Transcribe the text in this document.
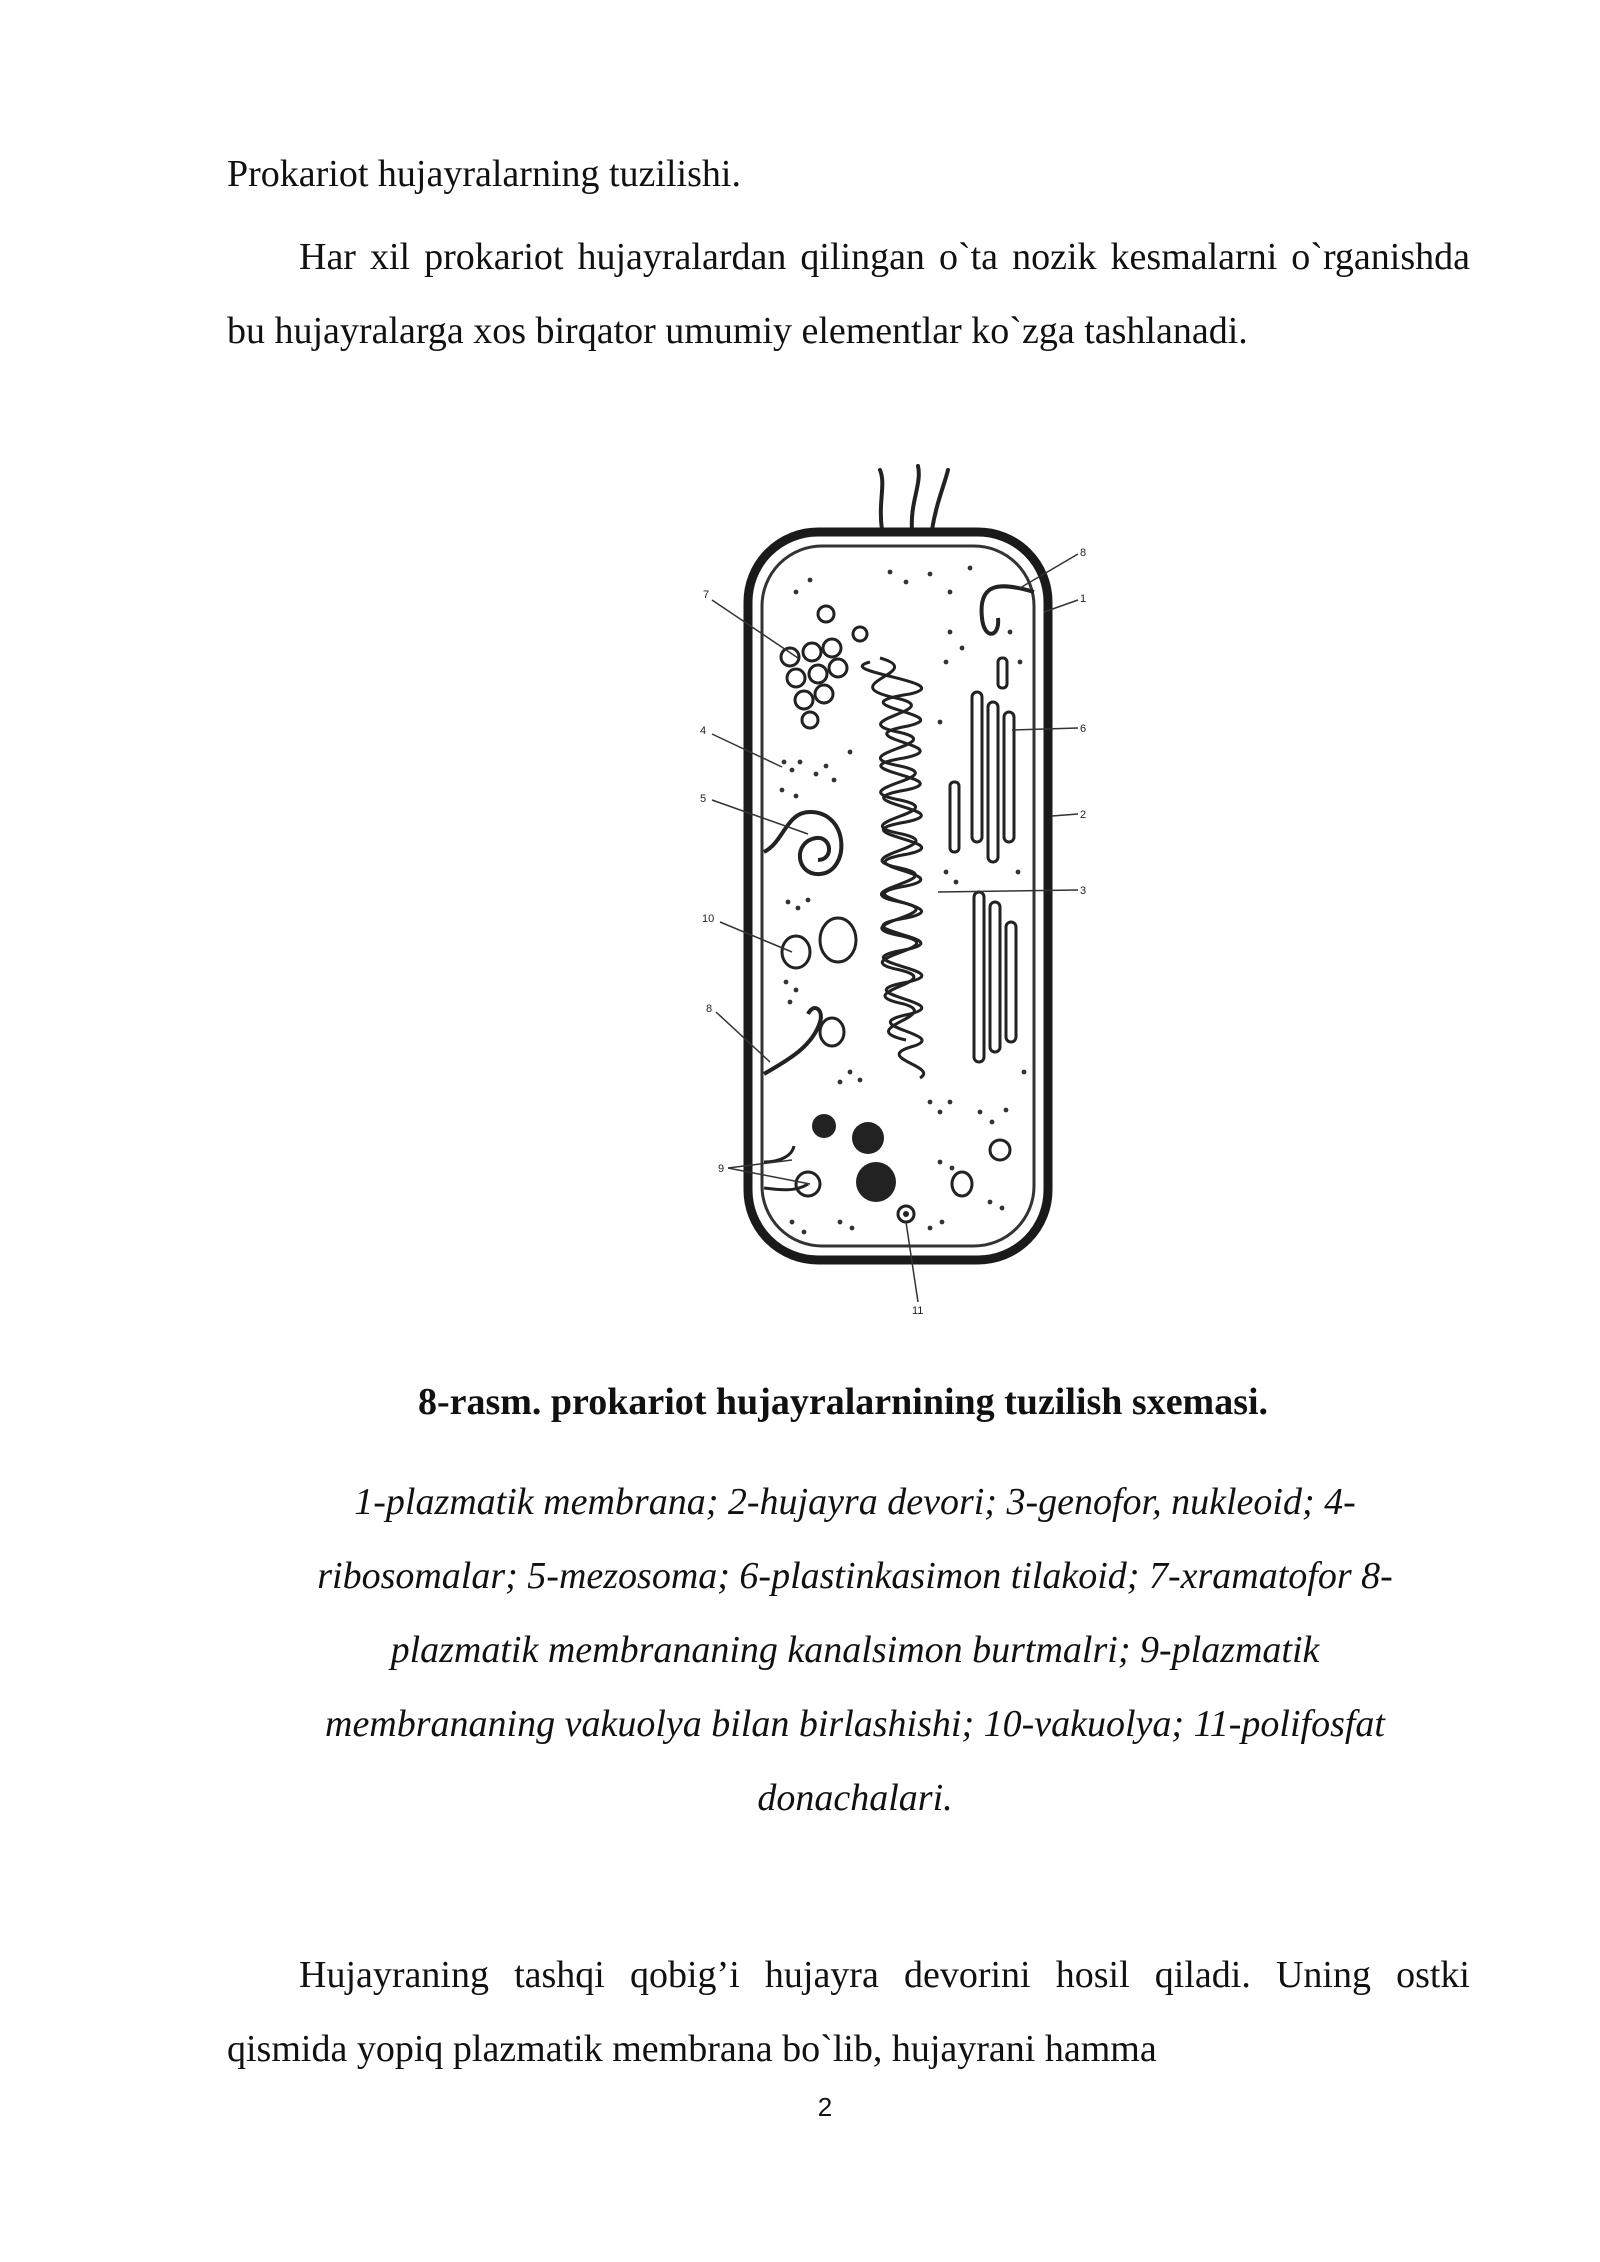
Prokariot hujayralarning tuzilishi.
Har xil prokariot hujayralardan qilingan o`ta nozik kesmalarni o`rganishda bu hujayralarga xos birqator umumiy elementlar ko`zga tashlanadi.
7
4
5
10
8
9
11
8
1
6
2
3
8-rasm. prokariot hujayralarnining tuzilish sxemasi.
1-plazmatik membrana; 2-hujayra devori; 3-genofor, nukleoid; 4-
ribosomalar; 5-mezosoma; 6-plastinkasimon tilakoid; 7-xramatofor 8-
plazmatik membrananing kanalsimon burtmalri; 9-plazmatik
membrananing vakuolya bilan birlashishi; 10-vakuolya; 11-polifosfat
donachalari.
Hujayraning tashqi qobig’i hujayra devorini hosil qiladi. Uning ostki qismida yopiq plazmatik membrana bo`lib, hujayrani hamma
2
